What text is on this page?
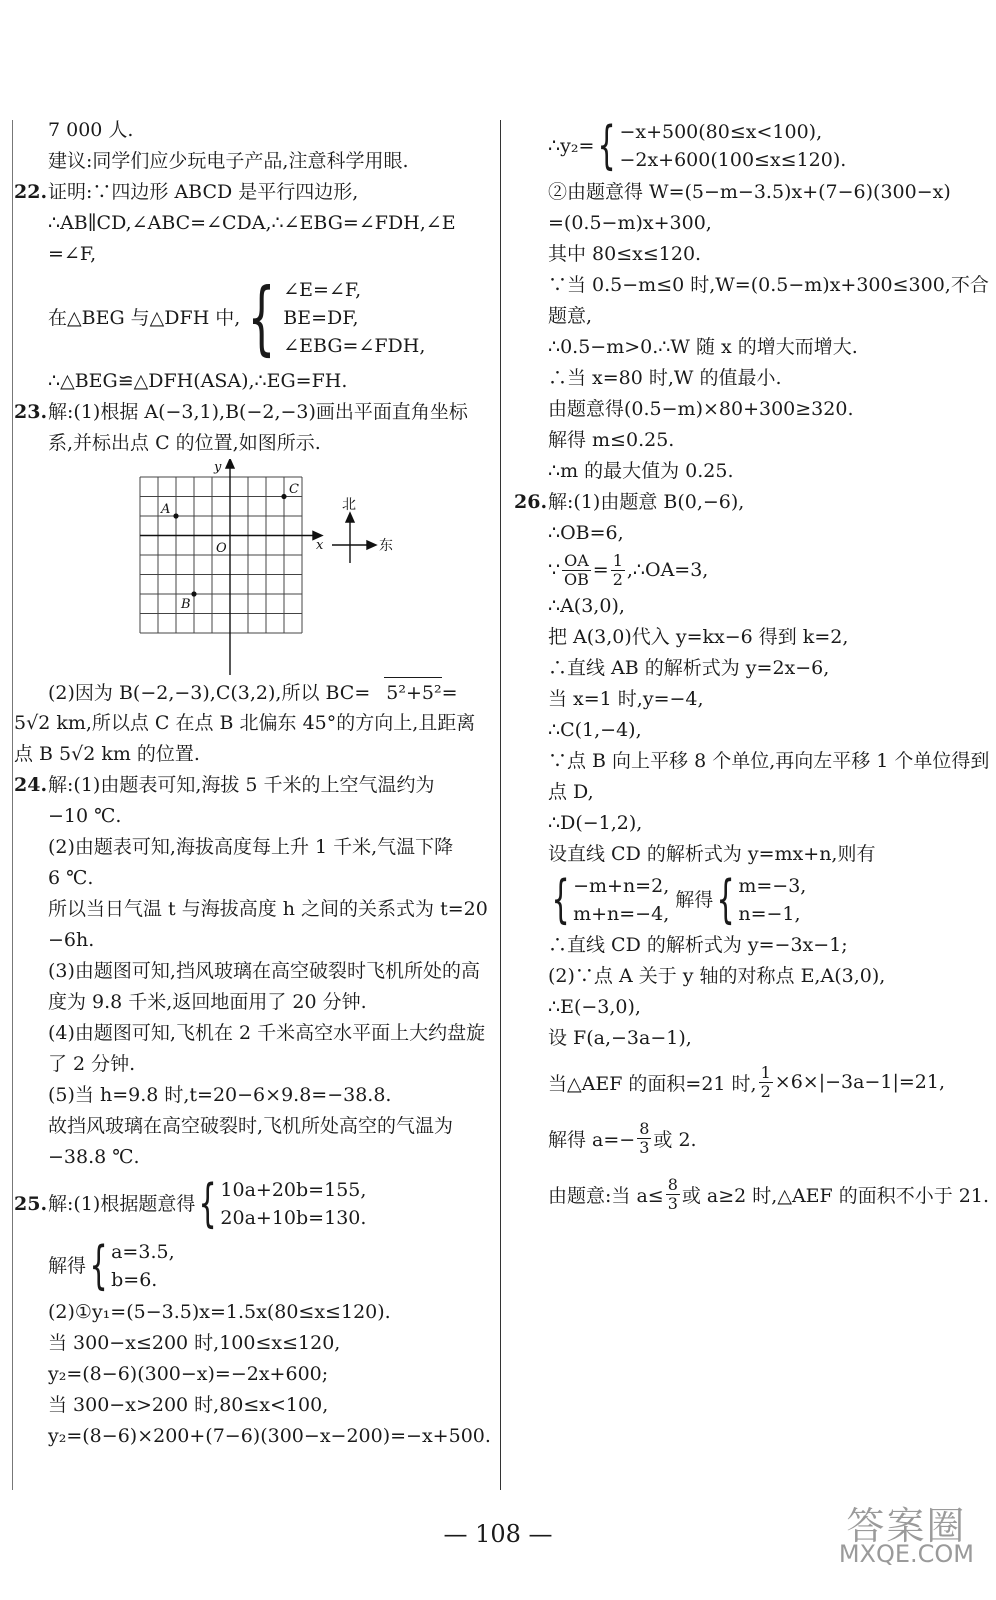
7 000 人.
建议:同学们应少玩电子产品,注意科学用眼.
22.证明:∵四边形 ABCD 是平行四边形,
∴AB∥CD,∠ABC=∠CDA,∴∠EBG=∠FDH,∠E
=∠F,
在△BEG 与△DFH 中, { ∠E=∠F,
BE=DF,
∠EBG=∠FDH,
∴△BEG≌△DFH(ASA),∴EG=FH.
23.解:(1)根据 A(−3,1),B(−2,−3)画出平面直角坐标
系,并标出点 C 的位置,如图所示.
y
x
O
A
B
C
北
东
(2)因为 B(−2,−3),C(3,2),所以 BC= 5²+5²=
5√2 km,所以点 C 在点 B 北偏东 45°的方向上,且距离
点 B 5√2 km 的位置.
24.解:(1)由题表可知,海拔 5 千米的上空气温约为
−10 ℃.
(2)由题表可知,海拔高度每上升 1 千米,气温下降
6 ℃.
所以当日气温 t 与海拔高度 h 之间的关系式为 t=20
−6h.
(3)由题图可知,挡风玻璃在高空破裂时飞机所处的高
度为 9.8 千米,返回地面用了 20 分钟.
(4)由题图可知,飞机在 2 千米高空水平面上大约盘旋
了 2 分钟.
(5)当 h=9.8 时,t=20−6×9.8=−38.8.
故挡风玻璃在高空破裂时,飞机所处高空的气温为
−38.8 ℃.
25. 解:(1)根据题意得 { 10a+20b=155,
20a+10b=130.
解得 { a=3.5,
b=6.
(2)①y₁=(5−3.5)x=1.5x(80≤x≤120).
当 300−x≤200 时,100≤x≤120,
y₂=(8−6)(300−x)=−2x+600;
当 300−x>200 时,80≤x<100,
y₂=(8−6)×200+(7−6)(300−x−200)=−x+500.
∴y₂= { −x+500(80≤x<100),
−2x+600(100≤x≤120).
②由题意得 W=(5−m−3.5)x+(7−6)(300−x)
=(0.5−m)x+300,
其中 80≤x≤120.
∵当 0.5−m≤0 时,W=(0.5−m)x+300≤300,不合
题意,
∴0.5−m>0.∴W 随 x 的增大而增大.
∴当 x=80 时,W 的值最小.
由题意得(0.5−m)×80+300≥320.
解得 m≤0.25.
∴m 的最大值为 0.25.
26.解:(1)由题意 B(0,−6),
∴OB=6,
∵ $\frac{OA}{OB} = \frac{1}{2}$ ,∴OA=3,
∴A(3,0),
把 A(3,0)代入 y=kx−6 得到 k=2,
∴直线 AB 的解析式为 y=2x−6,
当 x=1 时,y=−4,
∴C(1,−4),
∵点 B 向上平移 8 个单位,再向左平移 1 个单位得到
点 D,
∴D(−1,2),
设直线 CD 的解析式为 y=mx+n,则有
{ −m+n=2,
m+n=−4,
解得 { m=−3,
n=−1,
∴直线 CD 的解析式为 y=−3x−1;
(2)∵点 A 关于 y 轴的对称点 E,A(3,0),
∴E(−3,0),
设 F(a,−3a−1),
当△AEF 的面积=21 时, $\frac{1}{2} \times 6\times|-3a-1|=21$,
解得 $a=- \frac{8}{3}$ 或 2.
由题意:当 $a\le \frac{8}{3}$ 或 a≥2 时,△AEF 的面积不小于 21.
— 108 —	答案圈
MXQE.COM
